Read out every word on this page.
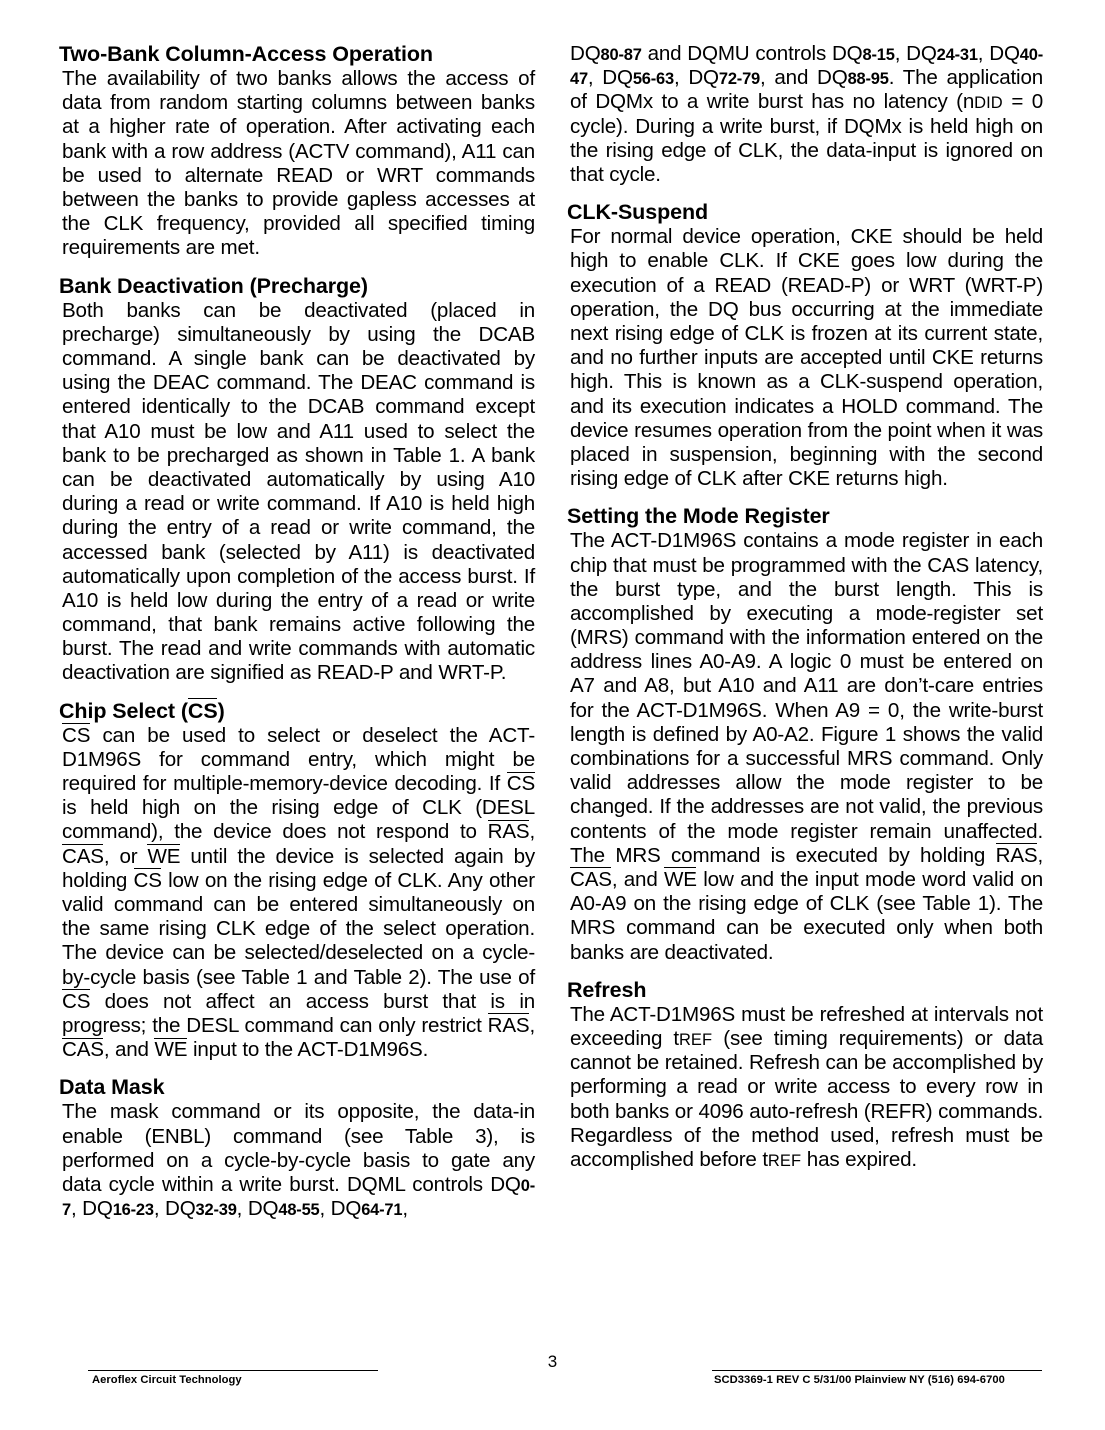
Two-Bank Column-Access Operation

The availability of two banks allows the access of data from random starting columns between banks at a higher rate of operation. After activating each bank with a row address (ACTV command), A11 can be used to alternate READ or WRT commands between the banks to provide gapless accesses at the CLK frequency, provided all specified timing requirements are met.

Bank Deactivation (Precharge)

Both banks can be deactivated (placed in precharge) simultaneously by using the DCAB command. A single bank can be deactivated by using the DEAC command. The DEAC command is entered identically to the DCAB command except that A10 must be low and A11 used to select the bank to be precharged as shown in Table 1. A bank can be deactivated automatically by using A10 during a read or write command. If A10 is held high during the entry of a read or write command, the accessed bank (selected by A11) is deactivated automatically upon completion of the access burst. If A10 is held low during the entry of a read or write command, that bank remains active following the burst. The read and write commands with automatic deactivation are signified as READ-P and WRT-P.

Chip Select (CS)

CS can be used to select or deselect the ACT-D1M96S for command entry, which might be required for multiple-memory-device decoding. If CS is held high on the rising edge of CLK (DESL command), the device does not respond to RAS, CAS, or WE until the device is selected again by holding CS low on the rising edge of CLK. Any other valid command can be entered simultaneously on the same rising CLK edge of the select operation. The device can be selected/deselected on a cycle-by-cycle basis (see Table 1 and Table 2). The use of CS does not affect an access burst that is in progress; the DESL command can only restrict RAS, CAS, and WE input to the ACT-D1M96S.

Data Mask

The mask command or its opposite, the data-in enable (ENBL) command (see Table 3), is performed on a cycle-by-cycle basis to gate any data cycle within a write burst. DQML controls DQ0-7, DQ16-23, DQ32-39, DQ48-55, DQ64-71,

DQ80-87 and DQMU controls DQ8-15, DQ24-31, DQ40-47, DQ56-63, DQ72-79, and DQ88-95. The application of DQMx to a write burst has no latency (nDID = 0 cycle). During a write burst, if DQMx is held high on the rising edge of CLK, the data-input is ignored on that cycle.

CLK-Suspend

For normal device operation, CKE should be held high to enable CLK. If CKE goes low during the execution of a READ (READ-P) or WRT (WRT-P) operation, the DQ bus occurring at the immediate next rising edge of CLK is frozen at its current state, and no further inputs are accepted until CKE returns high. This is known as a CLK-suspend operation, and its execution indicates a HOLD command. The device resumes operation from the point when it was placed in suspension, beginning with the second rising edge of CLK after CKE returns high.

Setting the Mode Register

The ACT-D1M96S contains a mode register in each chip that must be programmed with the CAS latency, the burst type, and the burst length. This is accomplished by executing a mode-register set (MRS) command with the information entered on the address lines A0-A9. A logic 0 must be entered on A7 and A8, but A10 and A11 are don’t-care entries for the ACT-D1M96S. When A9 = 0, the write-burst length is defined by A0-A2. Figure 1 shows the valid combinations for a successful MRS command. Only valid addresses allow the mode register to be changed. If the addresses are not valid, the previous contents of the mode register remain unaffected. The MRS command is executed by holding RAS, CAS, and WE low and the input mode word valid on A0-A9 on the rising edge of CLK (see Table 1). The MRS command can be executed only when both banks are deactivated.

Refresh

The ACT-D1M96S must be refreshed at intervals not exceeding tREF (see timing requirements) or data cannot be retained. Refresh can be accomplished by performing a read or write access to every row in both banks or 4096 auto-refresh (REFR) commands. Regardless of the method used, refresh must be accomplished before tREF has expired.

3
Aeroflex Circuit Technology	SCD3369-1 REV C 5/31/00 Plainview NY (516) 694-6700
